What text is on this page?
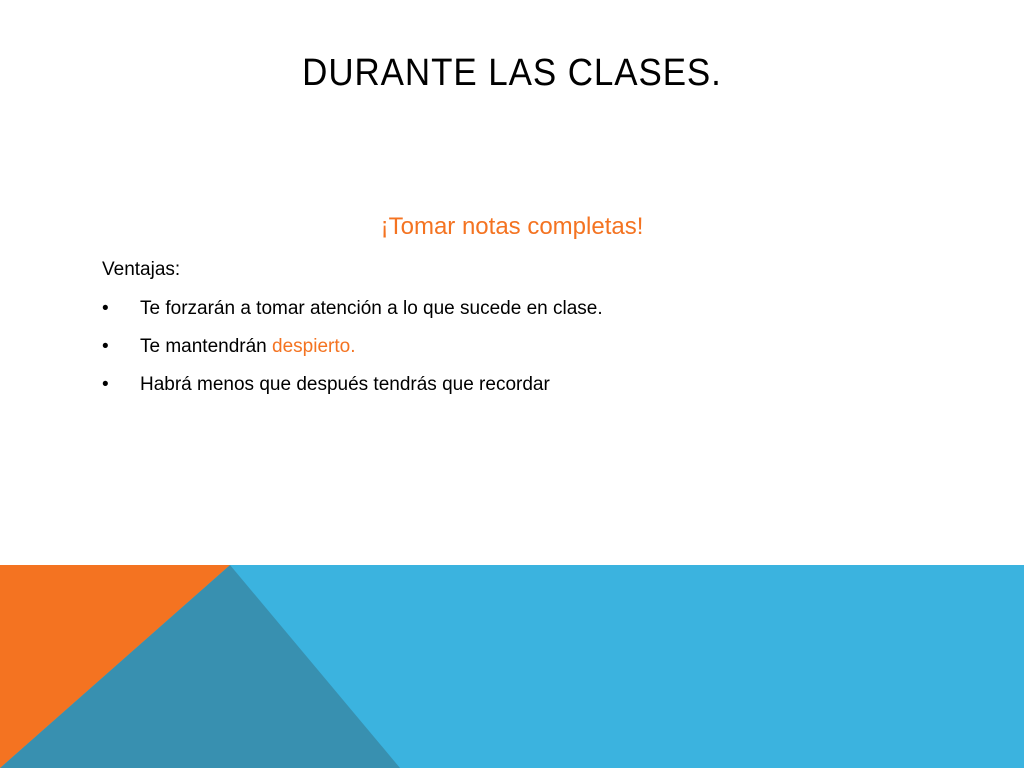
DURANTE LAS CLASES.

¡Tomar notas completas!

Ventajas:

• Te forzarán a tomar atención a lo que sucede en clase.
• Te mantendrán despierto.
• Habrá menos que después tendrás que recordar
